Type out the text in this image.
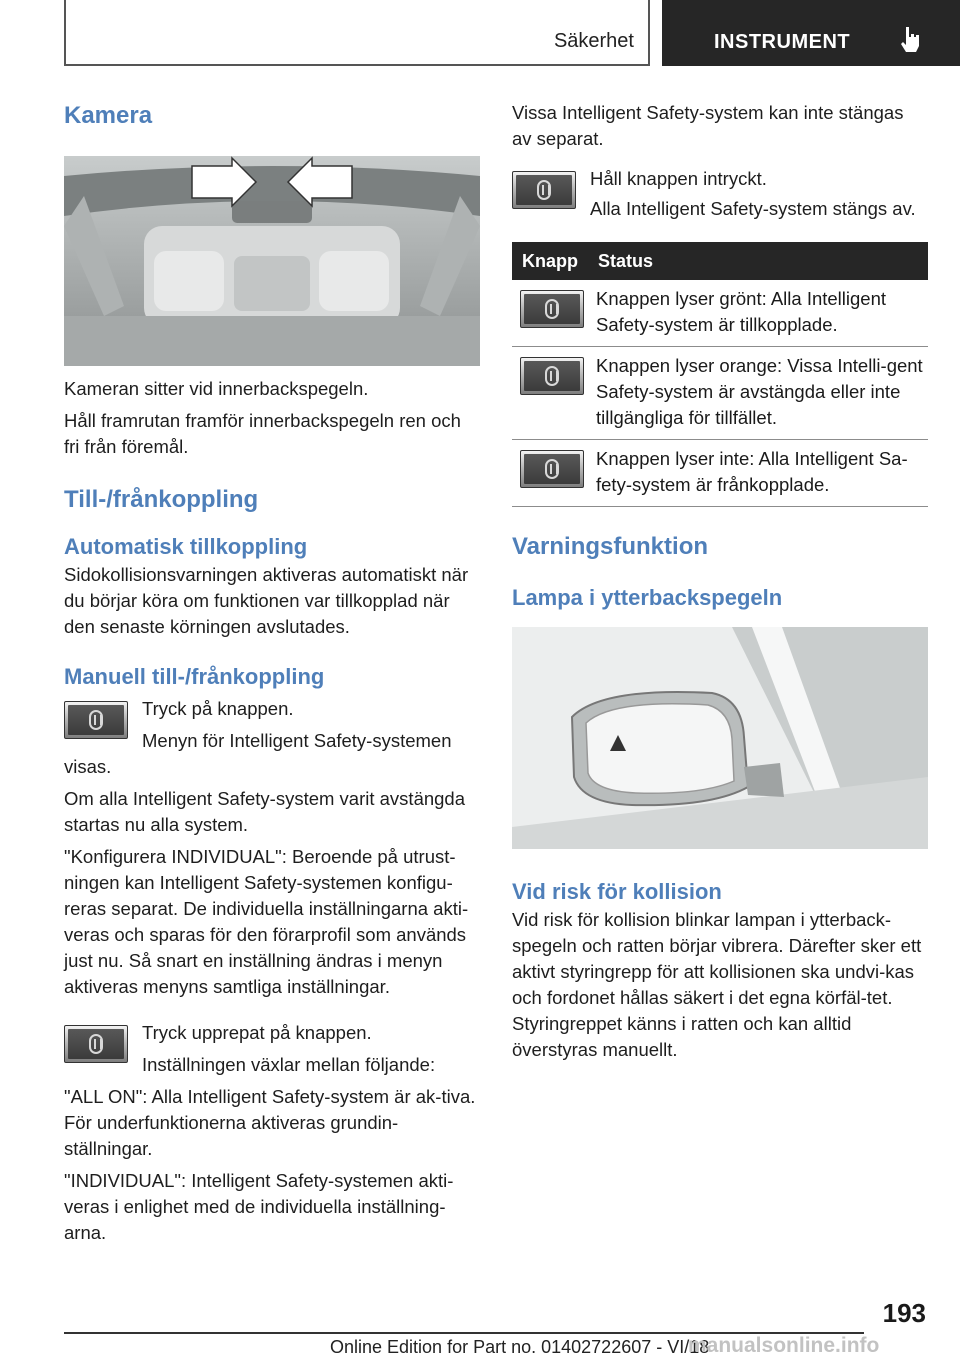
Säkerhet	INSTRUMENT
Kamera

Kameran sitter vid innerbackspegeln.

Håll framrutan framför innerbackspegeln ren och fri från föremål.

Till-/frånkoppling
Automatisk tillkoppling

Sidokollisionsvarningen aktiveras automatiskt när du börjar köra om funktionen var tillkopplad när den senaste körningen avslutades.

Manuell till-/frånkoppling

Tryck på knappen.

Menyn för Intelligent Safety-systemen visas.

Om alla Intelligent Safety-system varit avstängda startas nu alla system.

"Konfigurera INDIVIDUAL": Beroende på utrust-ningen kan Intelligent Safety-systemen konfigu-reras separat. De individuella inställningarna akti-veras och sparas för den förarprofil som används just nu. Så snart en inställning ändras i menyn aktiveras menyns samtliga inställningar.

Tryck upprepat på knappen.

Inställningen växlar mellan följande:

"ALL ON": Alla Intelligent Safety-system är ak-tiva. För underfunktionerna aktiveras grundin-ställningar.

"INDIVIDUAL": Intelligent Safety-systemen akti-veras i enlighet med de individuella inställning-arna.

Vissa Intelligent Safety-system kan inte stängas av separat.

Håll knappen intryckt.

Alla Intelligent Safety-system stängs av.

Knapp	Status

	Knappen lyser grönt: Alla Intelligent Safety-system är tillkopplade.

	Knappen lyser orange: Vissa Intelli-gent Safety-system är avstängda eller inte tillgängliga för tillfället.

	Knappen lyser inte: Alla Intelligent Sa-fety-system är frånkopplade.
Varningsfunktion
Lampa i ytterbackspegeln
Vid risk för kollision

Vid risk för kollision blinkar lampan i ytterback-spegeln och ratten börjar vibrera. Därefter sker ett aktivt styringrepp för att kollisionen ska undvi-kas och fordonet hållas säkert i det egna körfäl-tet. Styringreppet känns i ratten och kan alltid överstyras manuellt.

193
Online Edition for Part no. 01402722607 - VI/18
manualsonline.info
